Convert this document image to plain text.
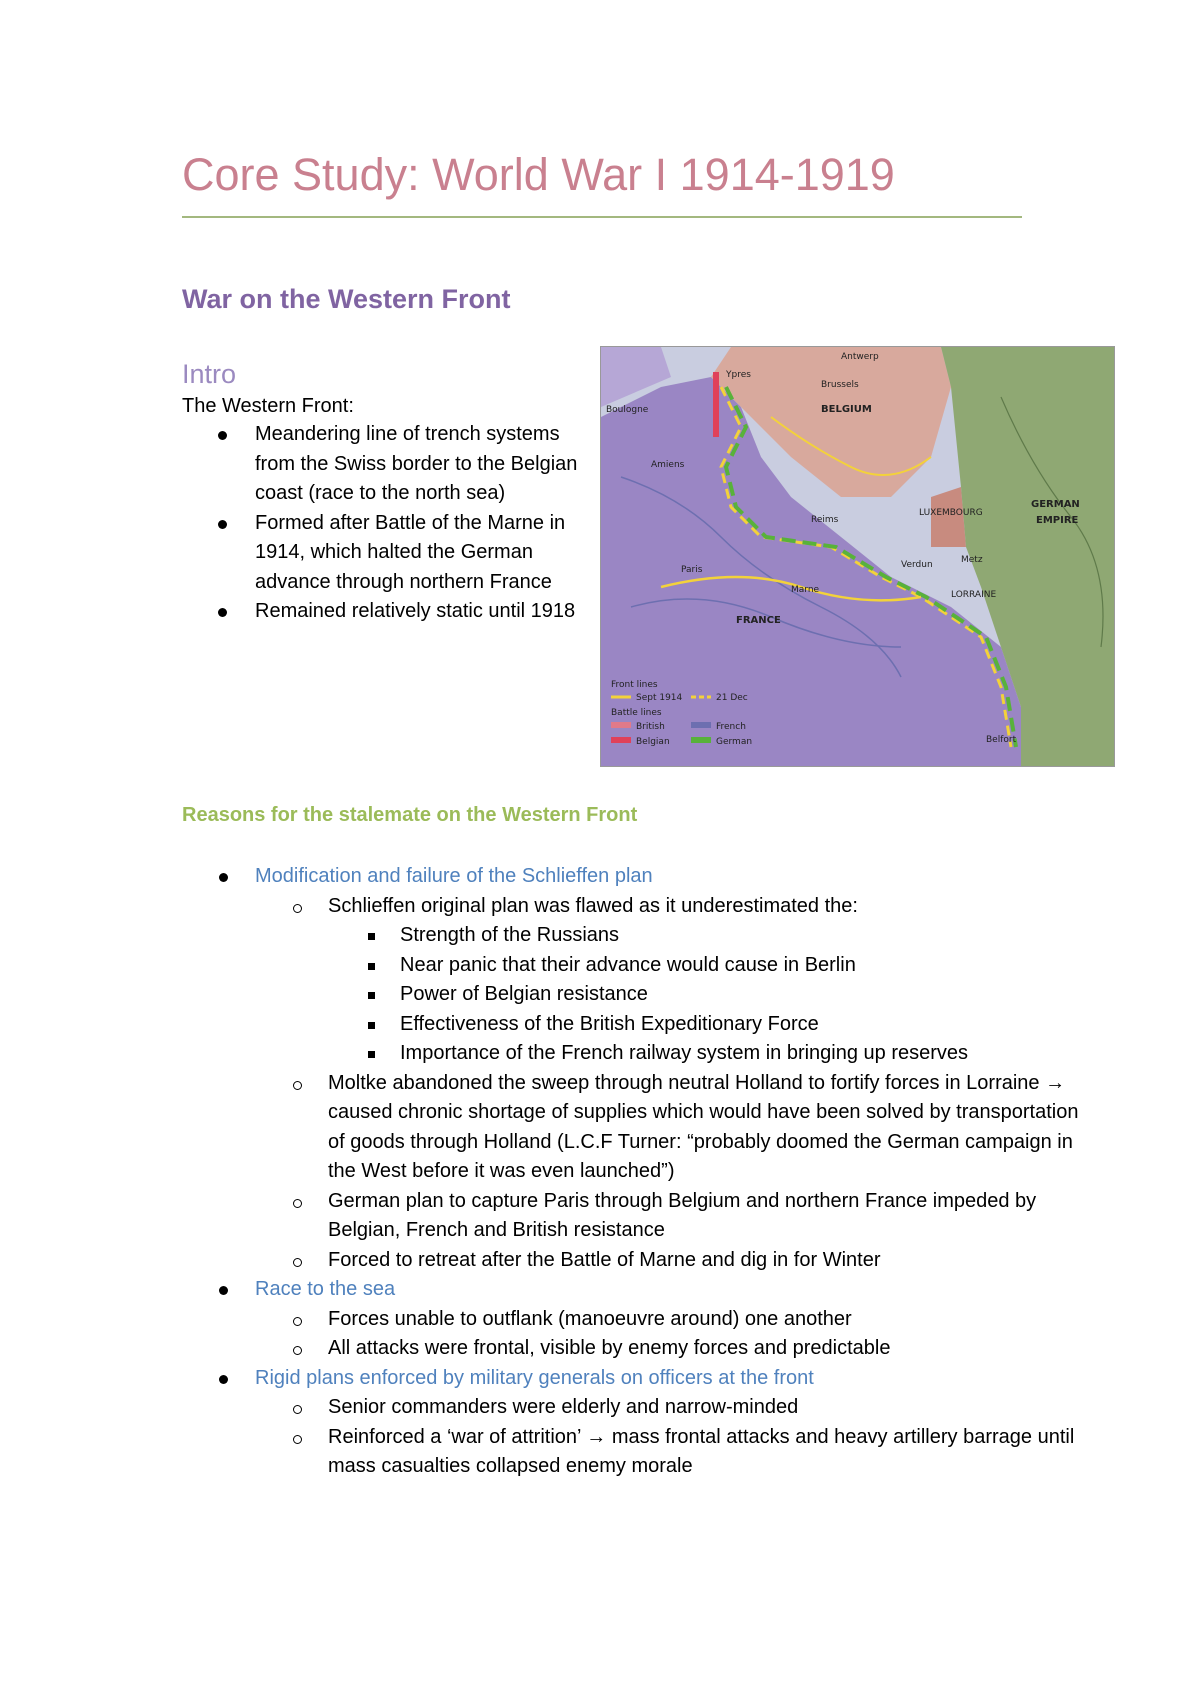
Core Study: World War I 1914-1919
War on the Western Front
Intro
The Western Front:
Meandering line of trench systems from the Swiss border to the Belgian coast (race to the north sea)
Formed after Battle of the Marne in 1914, which halted the German advance through northern France
Remained relatively static until 1918
BELGIUM
GERMAN
EMPIRE
FRANCE
LUXEMBOURG
LORRAINE
Marne
Paris
Antwerp
Brussels
Ypres
Verdun
Amiens
Reims
Boulogne
Metz
Belfort
Front lines
Sept 1914	21 Dec
Battle lines
British
Belgian
French
German
Reasons for the stalemate on the Western Front
Modification and failure of the Schlieffen plan
Schlieffen original plan was flawed as it underestimated the:
Strength of the Russians
Near panic that their advance would cause in Berlin
Power of Belgian resistance
Effectiveness of the British Expeditionary Force
Importance of the French railway system in bringing up reserves
Moltke abandoned the sweep through neutral Holland to fortify forces in Lorraine → caused chronic shortage of supplies which would have been solved by transportation of goods through Holland (L.C.F Turner: “probably doomed the German campaign in the West before it was even launched”)
German plan to capture Paris through Belgium and northern France impeded by Belgian, French and British resistance
Forced to retreat after the Battle of Marne and dig in for Winter
Race to the sea
Forces unable to outflank (manoeuvre around) one another
All attacks were frontal, visible by enemy forces and predictable
Rigid plans enforced by military generals on officers at the front
Senior commanders were elderly and narrow-minded
Reinforced a ‘war of attrition’ → mass frontal attacks and heavy artillery barrage until mass casualties collapsed enemy morale
